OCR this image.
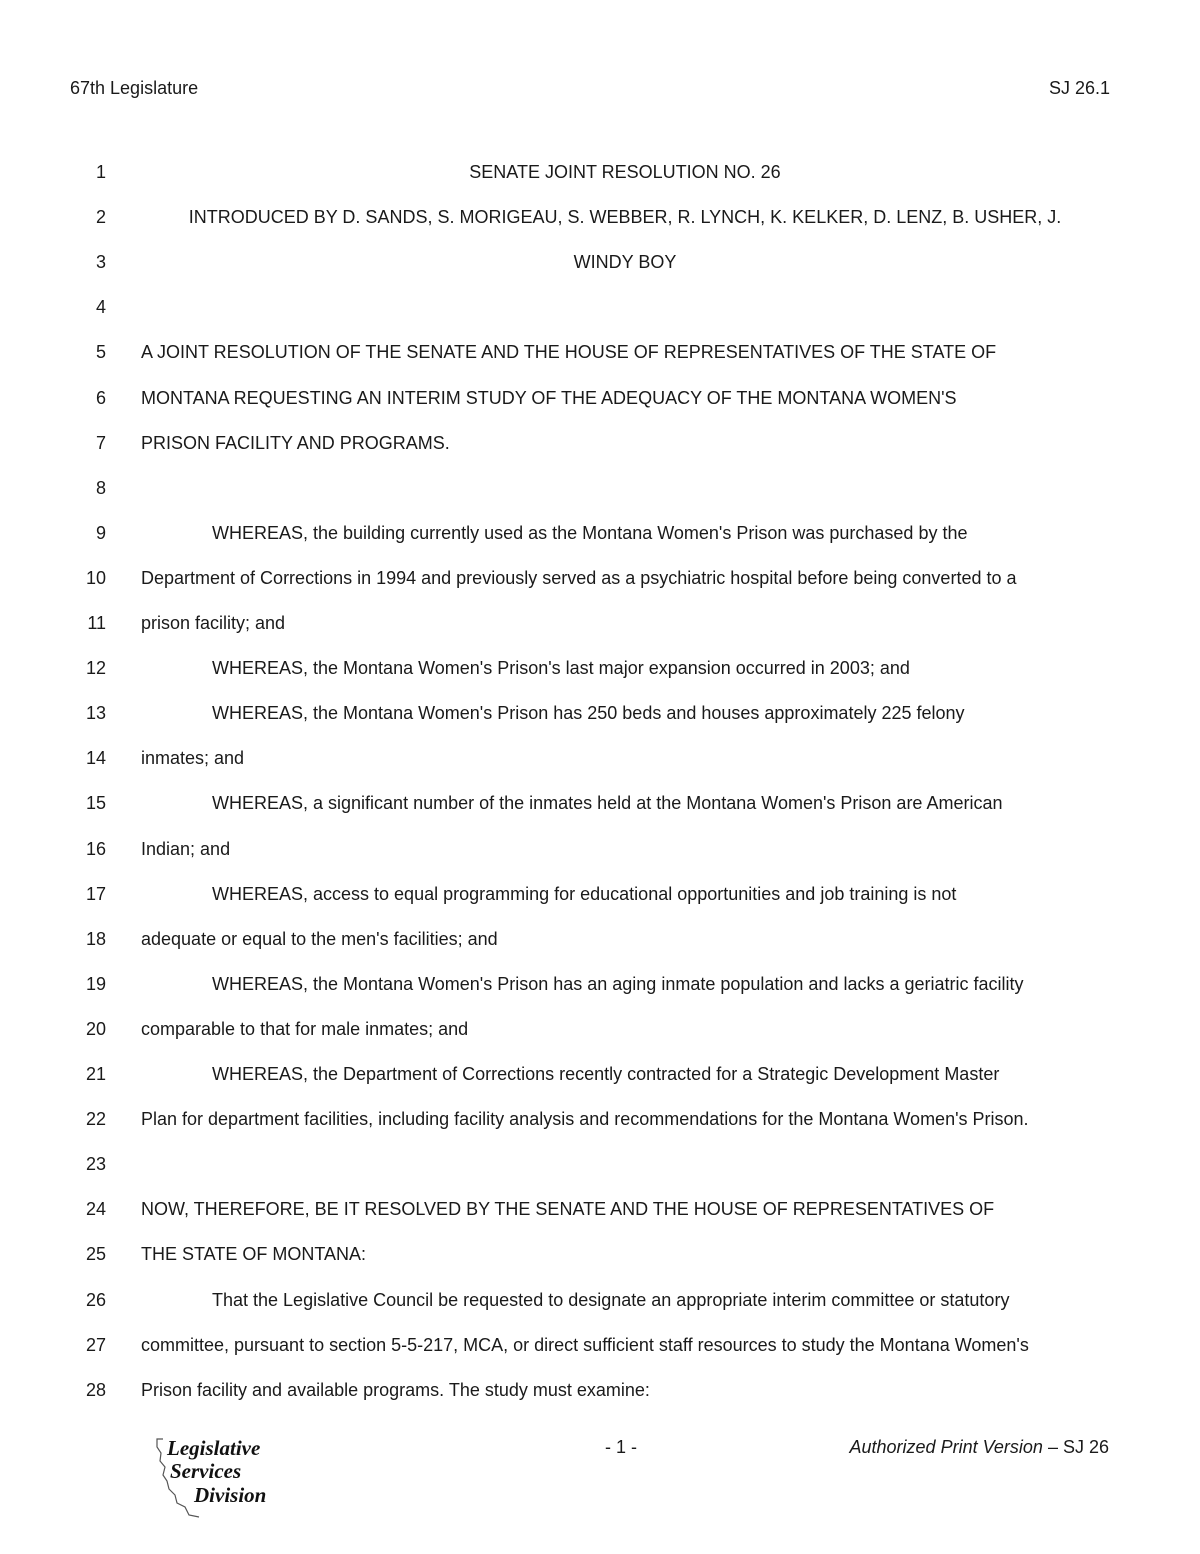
67th Legislature	SJ 26.1
1	SENATE JOINT RESOLUTION NO. 26
2	INTRODUCED BY D. SANDS, S. MORIGEAU, S. WEBBER, R. LYNCH, K. KELKER, D. LENZ, B. USHER, J.
3	WINDY BOY
4
5 A JOINT RESOLUTION OF THE SENATE AND THE HOUSE OF REPRESENTATIVES OF THE STATE OF
6 MONTANA REQUESTING AN INTERIM STUDY OF THE ADEQUACY OF THE MONTANA WOMEN'S
7 PRISON FACILITY AND PROGRAMS.
8
9	WHEREAS, the building currently used as the Montana Women's Prison was purchased by the
10 Department of Corrections in 1994 and previously served as a psychiatric hospital before being converted to a
11 prison facility; and
12	WHEREAS, the Montana Women's Prison's last major expansion occurred in 2003; and
13	WHEREAS, the Montana Women's Prison has 250 beds and houses approximately 225 felony
14 inmates; and
15	WHEREAS, a significant number of the inmates held at the Montana Women's Prison are American
16 Indian; and
17	WHEREAS, access to equal programming for educational opportunities and job training is not
18 adequate or equal to the men's facilities; and
19	WHEREAS, the Montana Women's Prison has an aging inmate population and lacks a geriatric facility
20 comparable to that for male inmates; and
21	WHEREAS, the Department of Corrections recently contracted for a Strategic Development Master
22 Plan for department facilities, including facility analysis and recommendations for the Montana Women's Prison.
23
24 NOW, THEREFORE, BE IT RESOLVED BY THE SENATE AND THE HOUSE OF REPRESENTATIVES OF
25 THE STATE OF MONTANA:
26	That the Legislative Council be requested to designate an appropriate interim committee or statutory
27 committee, pursuant to section 5-5-217, MCA, or direct sufficient staff resources to study the Montana Women's
28 Prison facility and available programs. The study must examine:
Legislative
Services
Division
- 1 -	Authorized Print Version – SJ 26
